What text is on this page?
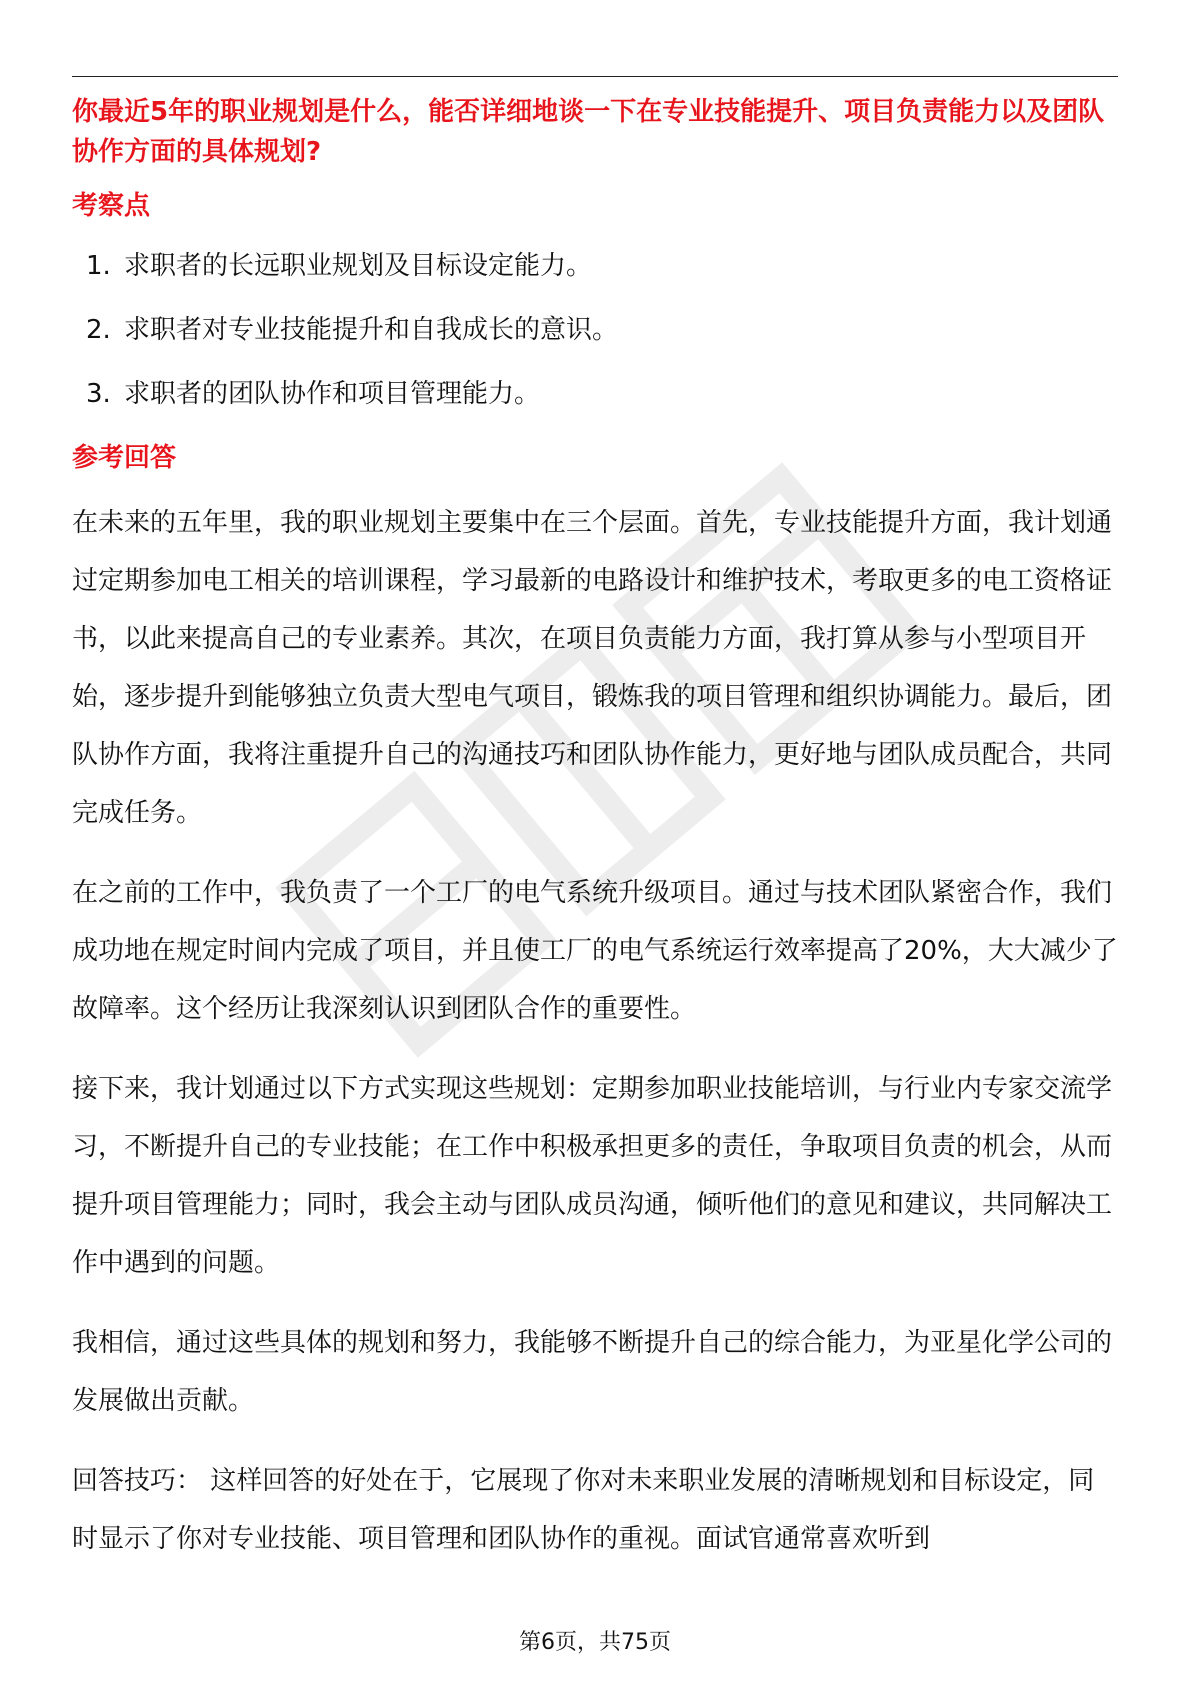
你最近5年的职业规划是什么，能否详细地谈一下在专业技能提升、项目负责能力以及团队协作方面的具体规划?

考察点

1. 求职者的长远职业规划及目标设定能力。
2. 求职者对专业技能提升和自我成长的意识。
3. 求职者的团队协作和项目管理能力。

参考回答

在未来的五年里，我的职业规划主要集中在三个层面。首先，专业技能提升方面，我计划通过定期参加电工相关的培训课程，学习最新的电路设计和维护技术，考取更多的电工资格证书，以此来提高自己的专业素养。其次，在项目负责能力方面，我打算从参与小型项目开始，逐步提升到能够独立负责大型电气项目，锻炼我的项目管理和组织协调能力。最后，团队协作方面，我将注重提升自己的沟通技巧和团队协作能力，更好地与团队成员配合，共同完成任务。

在之前的工作中，我负责了一个工厂的电气系统升级项目。通过与技术团队紧密合作，我们成功地在规定时间内完成了项目，并且使工厂的电气系统运行效率提高了20%，大大减少了故障率。这个经历让我深刻认识到团队合作的重要性。

接下来，我计划通过以下方式实现这些规划：定期参加职业技能培训，与行业内专家交流学习，不断提升自己的专业技能；在工作中积极承担更多的责任，争取项目负责的机会，从而提升项目管理能力；同时，我会主动与团队成员沟通，倾听他们的意见和建议，共同解决工作中遇到的问题。

我相信，通过这些具体的规划和努力，我能够不断提升自己的综合能力，为亚星化学公司的发展做出贡献。

回答技巧： 这样回答的好处在于，它展现了你对未来职业发展的清晰规划和目标设定，同时显示了你对专业技能、项目管理和团队协作的重视。面试官通常喜欢听到

第6页，共75页
